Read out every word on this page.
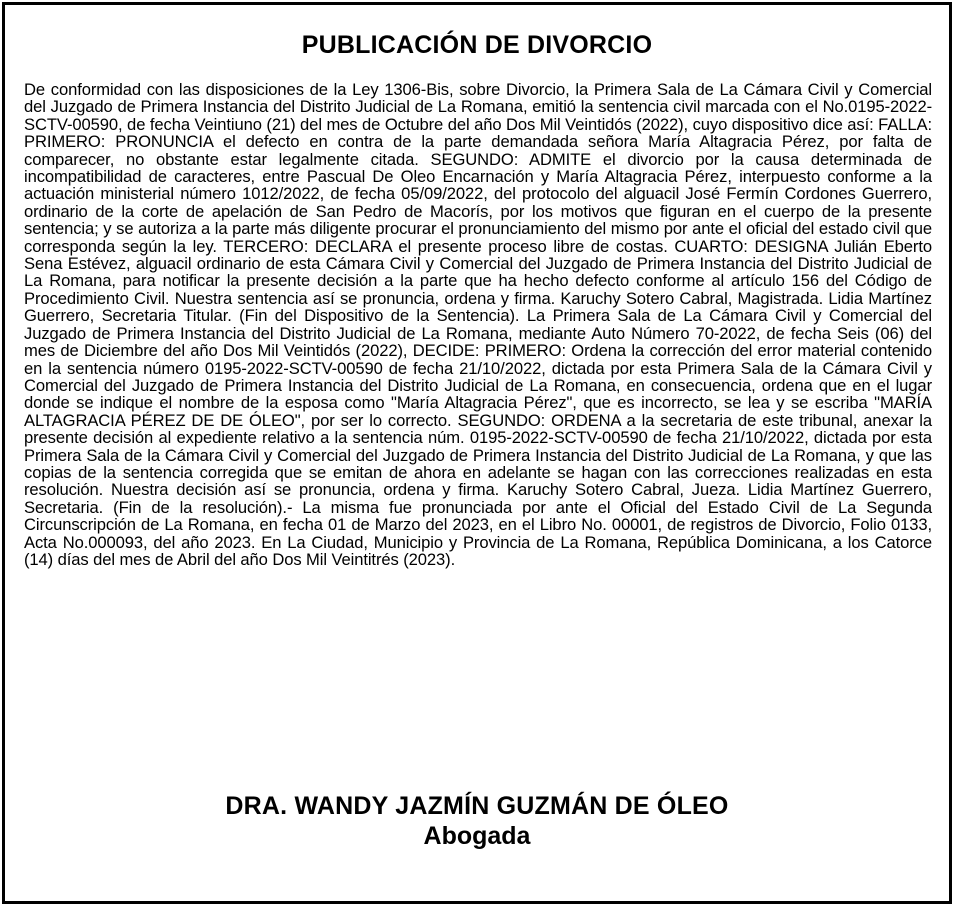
PUBLICACIÓN DE DIVORCIO
De conformidad con las disposiciones de la Ley 1306-Bis, sobre Divorcio, la Primera Sala de La Cámara Civil y Comercial del Juzgado de Primera Instancia del Distrito Judicial de La Romana, emitió la sentencia civil marcada con el No.0195-2022-SCTV-00590, de fecha Veintiuno (21) del mes de Octubre del año Dos Mil Veintidós (2022), cuyo dispositivo dice así: FALLA: PRIMERO: PRONUNCIA el defecto en contra de la parte demandada señora María Altagracia Pérez, por falta de comparecer, no obstante estar legalmente citada. SEGUNDO: ADMITE el divorcio por la causa determinada de incompatibilidad de caracteres, entre Pascual De Oleo Encarnación y María Altagracia Pérez, interpuesto conforme a la actuación ministerial número 1012/2022, de fecha 05/09/2022, del protocolo del alguacil José Fermín Cordones Guerrero, ordinario de la corte de apelación de San Pedro de Macorís, por los motivos que figuran en el cuerpo de la presente sentencia; y se autoriza a la parte más diligente procurar el pronunciamiento del mismo por ante el oficial del estado civil que corresponda según la ley. TERCERO: DECLARA el presente proceso libre de costas. CUARTO: DESIGNA Julián Eberto Sena Estévez, alguacil ordinario de esta Cámara Civil y Comercial del Juzgado de Primera Instancia del Distrito Judicial de La Romana, para notificar la presente decisión a la parte que ha hecho defecto conforme al artículo 156 del Código de Procedimiento Civil. Nuestra sentencia así se pronuncia, ordena y firma. Karuchy Sotero Cabral, Magistrada. Lidia Martínez Guerrero, Secretaria Titular. (Fin del Dispositivo de la Sentencia). La Primera Sala de La Cámara Civil y Comercial del Juzgado de Primera Instancia del Distrito Judicial de La Romana, mediante Auto Número 70-2022, de fecha Seis (06) del mes de Diciembre del año Dos Mil Veintidós (2022), DECIDE: PRIMERO: Ordena la corrección del error material contenido en la sentencia número 0195-2022-SCTV-00590 de fecha 21/10/2022, dictada por esta Primera Sala de la Cámara Civil y Comercial del Juzgado de Primera Instancia del Distrito Judicial de La Romana, en consecuencia, ordena que en el lugar donde se indique el nombre de la esposa como "María Altagracia Pérez", que es incorrecto, se lea y se escriba "MARÍA ALTAGRACIA PÉREZ DE DE ÓLEO", por ser lo correcto. SEGUNDO: ORDENA a la secretaria de este tribunal, anexar la presente decisión al expediente relativo a la sentencia núm. 0195-2022-SCTV-00590 de fecha 21/10/2022, dictada por esta Primera Sala de la Cámara Civil y Comercial del Juzgado de Primera Instancia del Distrito Judicial de La Romana, y que las copias de la sentencia corregida que se emitan de ahora en adelante se hagan con las correcciones realizadas en esta resolución. Nuestra decisión así se pronuncia, ordena y firma. Karuchy Sotero Cabral, Jueza. Lidia Martínez Guerrero, Secretaria. (Fin de la resolución).- La misma fue pronunciada por ante el Oficial del Estado Civil de La Segunda Circunscripción de La Romana, en fecha 01 de Marzo del 2023, en el Libro No. 00001, de registros de Divorcio, Folio 0133, Acta No.000093, del año 2023. En La Ciudad, Municipio y Provincia de La Romana, República Dominicana, a los Catorce (14) días del mes de Abril del año Dos Mil Veintitrés (2023).
DRA. WANDY JAZMÍN GUZMÁN DE ÓLEO
Abogada
